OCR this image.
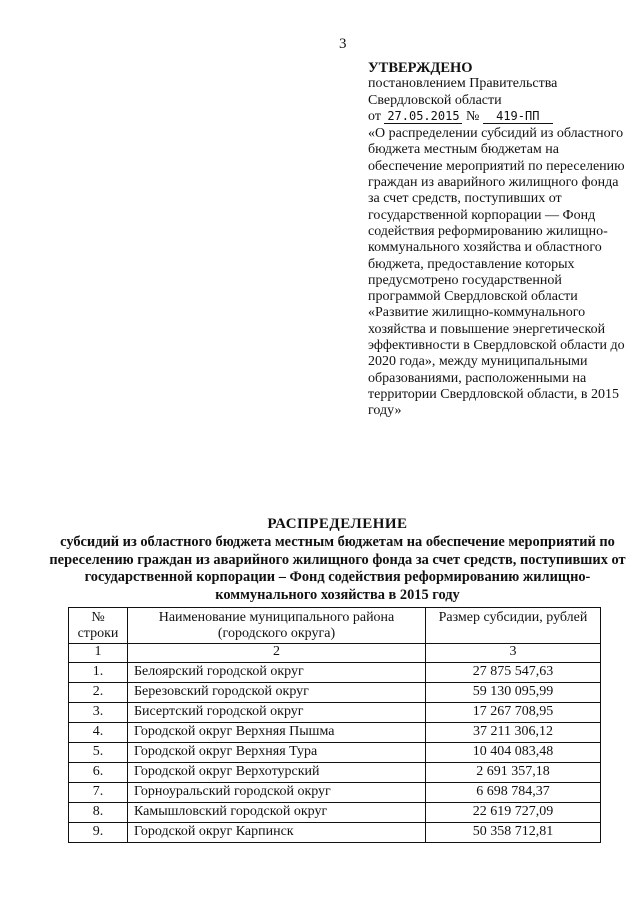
3
УТВЕРЖДЕНО
постановлением Правительства
Свердловской области
от 27.05.2015 № 419-ПП
«О распределении субсидий из областного бюджета местным бюджетам на обеспечение мероприятий по переселению граждан из аварийного жилищного фонда за счет средств, поступивших от государственной корпорации — Фонд содействия реформированию жилищно-коммунального хозяйства и областного бюджета, предоставление которых предусмотрено государственной программой Свердловской области «Развитие жилищно-коммунального хозяйства и повышение энергетической эффективности в Свердловской области до 2020 года», между муниципальными образованиями, расположенными на территории Свердловской области, в 2015 году»
РАСПРЕДЕЛЕНИЕ
субсидий из областного бюджета местным бюджетам на обеспечение мероприятий по переселению граждан из аварийного жилищного фонда за счет средств, поступивших от государственной корпорации – Фонд содействия реформированию жилищно-коммунального хозяйства в 2015 году
№ строки	Наименование муниципального района (городского округа)	Размер субсидии, рублей
1	2	3
1.	Белоярский городской округ	27 875 547,63
2.	Березовский городской округ	59 130 095,99
3.	Бисертский городской округ	17 267 708,95
4.	Городской округ Верхняя Пышма	37 211 306,12
5.	Городской округ Верхняя Тура	10 404 083,48
6.	Городской округ Верхотурский	2 691 357,18
7.	Горноуральский городской округ	6 698 784,37
8.	Камышловский городской округ	22 619 727,09
9.	Городской округ Карпинск	50 358 712,81
